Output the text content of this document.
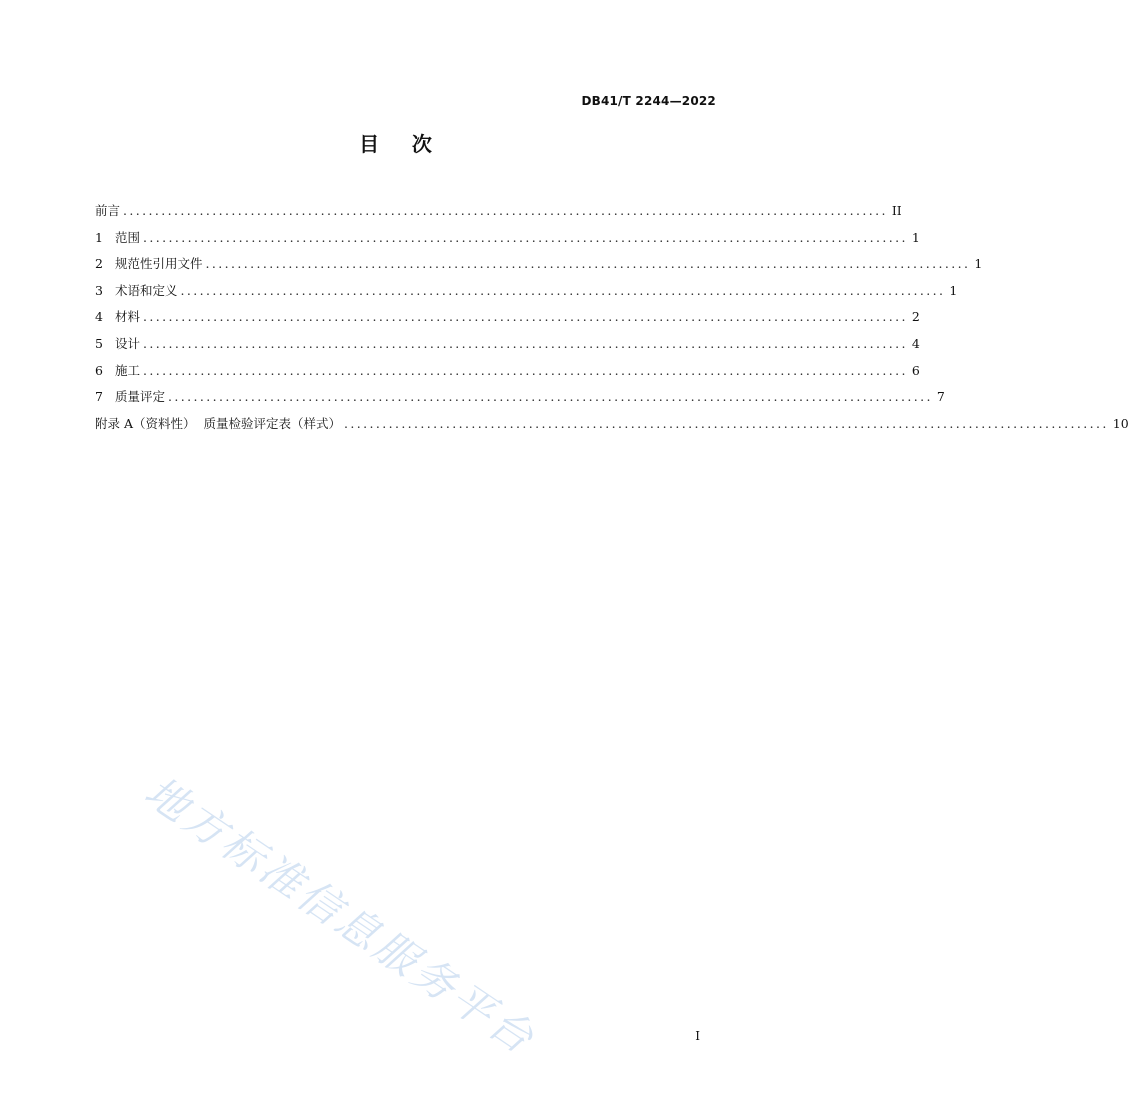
DB41/T 2244—2022
目    次
前言 ........................................................................................................................ II
1 范围 ........................................................................................................................ 1
2 规范性引用文件 ........................................................................................................................ 1
3 术语和定义 ........................................................................................................................ 1
4 材料 ........................................................................................................................ 2
5 设计 ........................................................................................................................ 4
6 施工 ........................................................................................................................ 6
7 质量评定 ........................................................................................................................ 7
附录 A（资料性）  质量检验评定表（样式） ........................................................................................................................ 10
地方标准信息服务平台	I
